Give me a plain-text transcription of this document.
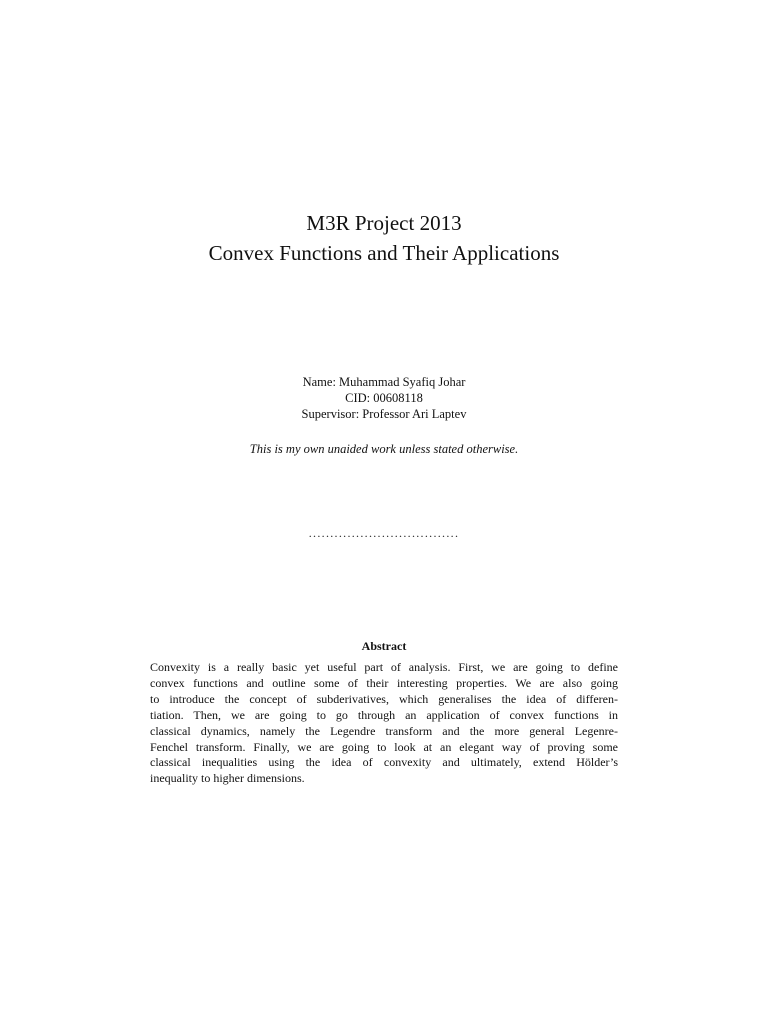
M3R Project 2013
Convex Functions and Their Applications
Name: Muhammad Syafiq Johar
CID: 00608118
Supervisor: Professor Ari Laptev
This is my own unaided work unless stated otherwise.
...................................
Abstract
Convexity is a really basic yet useful part of analysis. First, we are going to define
convex functions and outline some of their interesting properties. We are also going
to introduce the concept of subderivatives, which generalises the idea of differen-
tiation. Then, we are going to go through an application of convex functions in
classical dynamics, namely the Legendre transform and the more general Legenre-
Fenchel transform. Finally, we are going to look at an elegant way of proving some
classical inequalities using the idea of convexity and ultimately, extend Hölder’s
inequality to higher dimensions.
